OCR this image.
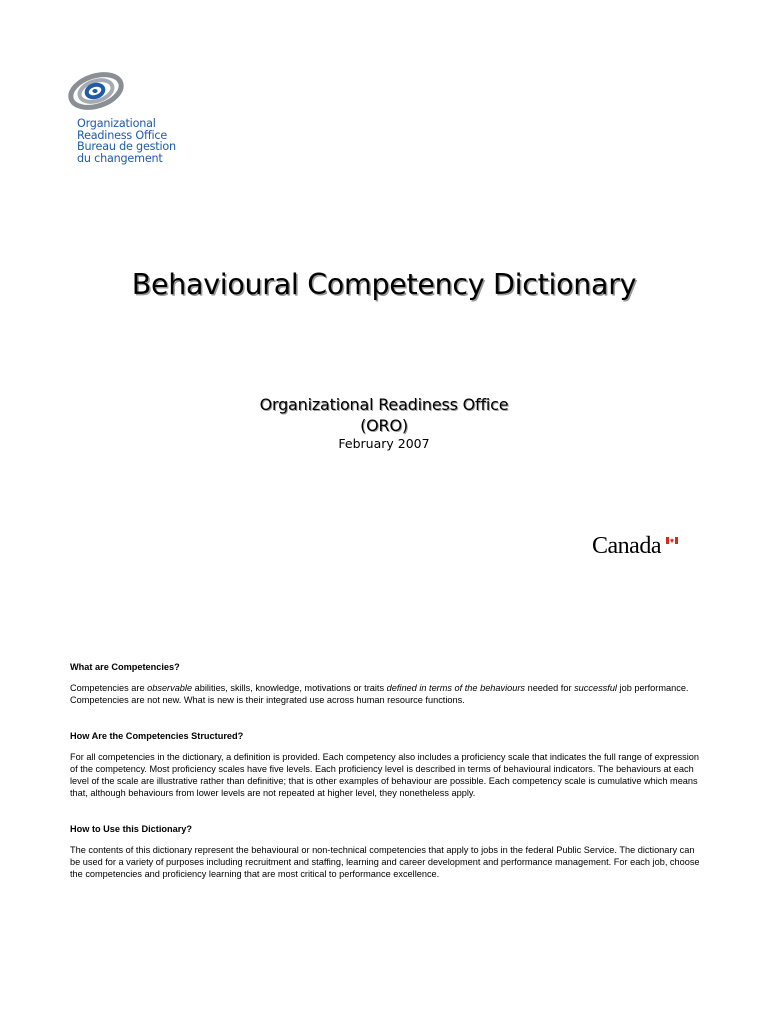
Organizational
Readiness Office
Bureau de gestion
du changement
Behavioural Competency Dictionary
Organizational Readiness Office
(ORO)
February 2007
Canada
What are Competencies?
Competencies are observable abilities, skills, knowledge, motivations or traits defined in terms of the behaviours needed for successful job performance. Competencies are not new. What is new is their integrated use across human resource functions.
How Are the Competencies Structured?
For all competencies in the dictionary, a definition is provided. Each competency also includes a proficiency scale that indicates the full range of expression of the competency. Most proficiency scales have five levels. Each proficiency level is described in terms of behavioural indicators. The behaviours at each level of the scale are illustrative rather than definitive; that is other examples of behaviour are possible. Each competency scale is cumulative which means that, although behaviours from lower levels are not repeated at higher level, they nonetheless apply.
How to Use this Dictionary?
The contents of this dictionary represent the behavioural or non-technical competencies that apply to jobs in the federal Public Service. The dictionary can be used for a variety of purposes including recruitment and staffing, learning and career development and performance management. For each job, choose the competencies and proficiency learning that are most critical to performance excellence.
